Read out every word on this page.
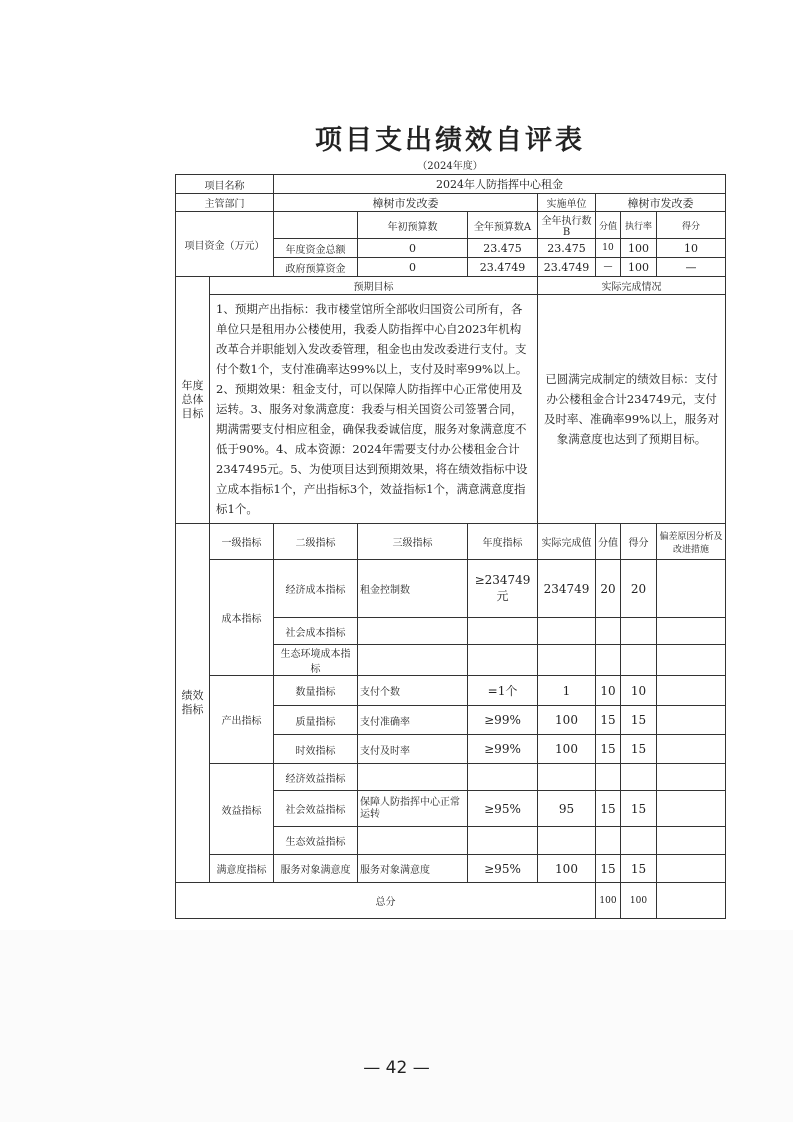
项目支出绩效自评表
（2024年度）
项目名称		2024年人防指挥中心租金						
主管部门		樟树市发改委			实施单位	樟树市发改委		
项目资金（万元）			年初预算数	全年预算数A	全年执行数B	分值	执行率	得分
		年度资金总额	0	23.475	23.475	10	100	10
		政府预算资金	0	23.4749	23.4749	—	100	—
年度总体目标	预期目标				实际完成情况			
	1、预期产出指标：我市楼堂馆所全部收归国资公司所有，各单位只是租用办公楼使用，我委人防指挥中心自2023年机构改革合并职能划入发改委管理，租金也由发改委进行支付。支付个数1个，支付准确率达99%以上，支付及时率99%以上。2、预期效果：租金支付，可以保障人防指挥中心正常使用及运转。3、服务对象满意度：我委与相关国资公司签署合同，期满需要支付相应租金，确保我委诚信度，服务对象满意度不低于90%。4、成本资源：2024年需要支付办公楼租金合计2347495元。5、为使项目达到预期效果，将在绩效指标中设立成本指标1个，产出指标3个，效益指标1个，满意满意度指标1个。				已圆满完成制定的绩效目标：支付办公楼租金合计234749元，支付及时率、准确率99%以上，服务对象满意度也达到了预期目标。			
绩效指标	一级指标	二级指标	三级指标	年度指标	实际完成值	分值	得分	偏差原因分析及改进措施
	成本指标	经济成本指标	租金控制数	≥234749元	234749	20	20	
		社会成本指标						
		生态环境成本指标						
	产出指标	数量指标	支付个数	=1个	1	10	10	
		质量指标	支付准确率	≥99%	100	15	15	
		时效指标	支付及时率	≥99%	100	15	15	
	效益指标	经济效益指标						
		社会效益指标	保障人防指挥中心正常运转	≥95%	95	15	15	
		生态效益指标						
	满意度指标	服务对象满意度	服务对象满意度	≥95%	100	15	15	
总分						100	100	
— 42 —
